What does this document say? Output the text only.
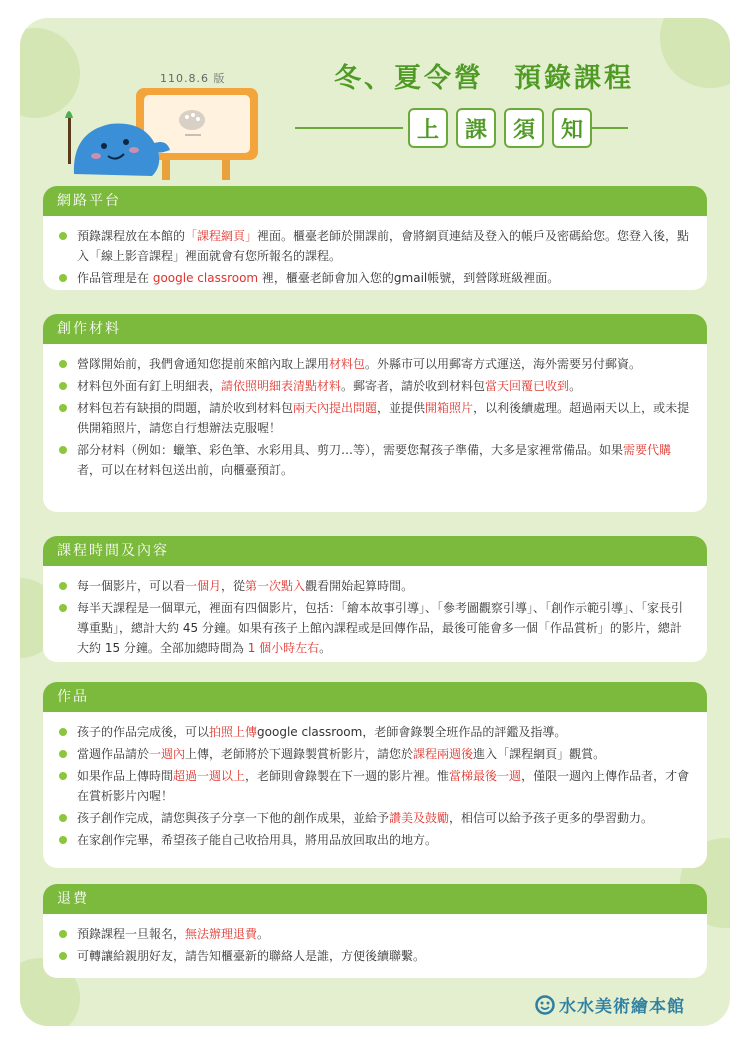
110.8.6 版	冬、夏令營　預錄課程
上	課	須	知
網路平台
預錄課程放在本館的「課程網頁」裡面。櫃臺老師於開課前，會將網頁連結及登入的帳戶及密碼給您。您登入後，點入「線上影音課程」裡面就會有您所報名的課程。
作品管理是在 google classroom 裡，櫃臺老師會加入您的gmail帳號，到營隊班級裡面。
創作材料
營隊開始前，我們會通知您提前來館內取上課用材料包。外縣市可以用郵寄方式運送，海外需要另付郵資。
材料包外面有釘上明細表，請依照明細表清點材料。郵寄者，請於收到材料包當天回覆已收到。
材料包若有缺損的問題，請於收到材料包兩天內提出問題，並提供開箱照片，以利後續處理。超過兩天以上，或未提供開箱照片，請您自行想辦法克服喔！
部分材料（例如：蠟筆、彩色筆、水彩用具、剪刀…等），需要您幫孩子準備，大多是家裡常備品。如果需要代購者，可以在材料包送出前，向櫃臺預訂。
課程時間及內容
每一個影片，可以看一個月，從第一次點入觀看開始起算時間。
每半天課程是一個單元，裡面有四個影片，包括：「繪本故事引導」、「參考圖觀察引導」、「創作示範引導」、「家長引導重點」，總計大約 45 分鐘。如果有孩子上館內課程或是回傳作品，最後可能會多一個「作品賞析」的影片，總計大約 15 分鐘。全部加總時間為 1 個小時左右。
作品
孩子的作品完成後，可以拍照上傳google classroom，老師會錄製全班作品的評鑑及指導。
當週作品請於一週內上傳，老師將於下週錄製賞析影片，請您於課程兩週後進入「課程網頁」觀賞。
如果作品上傳時間超過一週以上，老師則會錄製在下一週的影片裡。惟當梯最後一週，僅限一週內上傳作品者，才會在賞析影片內喔！
孩子創作完成，請您與孩子分享一下他的創作成果，並給予讚美及鼓勵，相信可以給予孩子更多的學習動力。
在家創作完畢，希望孩子能自己收拾用具，將用品放回取出的地方。
退費
預錄課程一旦報名，無法辦理退費。
可轉讓給親朋好友，請告知櫃臺新的聯絡人是誰，方便後續聯繫。
水水美術繪本館
